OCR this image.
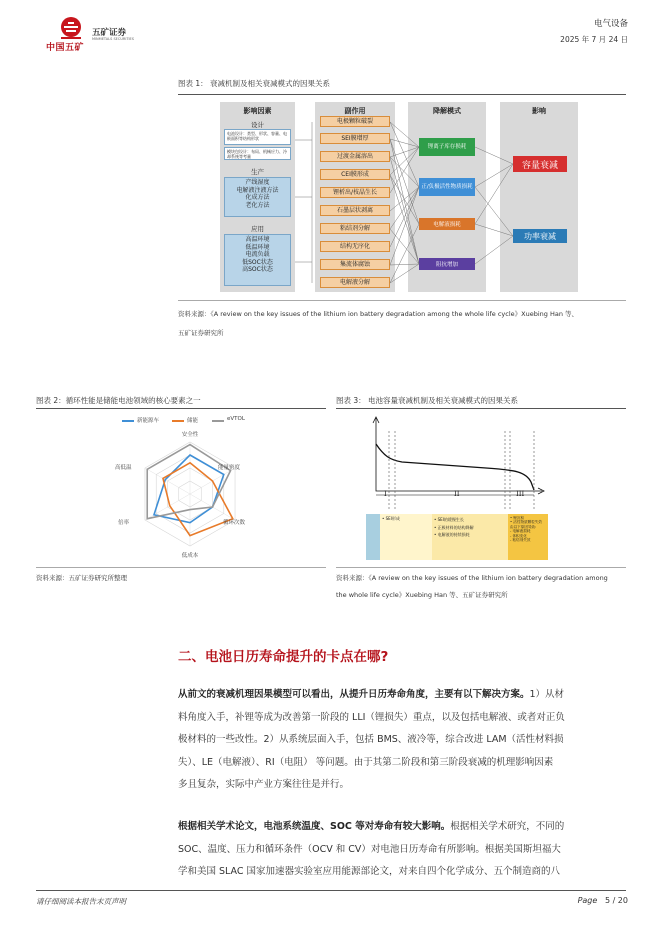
中国五矿
五矿证券
MINMETALS SECURITIES
电气设备
2025 年 7 月 24 日
图表 1： 衰减机制及相关衰减模式的因果关系
影响因素	副作用	降解模式	影响
设计
电池设计：类型、形状、容量、电极面积等结构形状
模块包设计：布局、机械应力、冷却系统等考量
生产
产线湿度
电解液注液方法
化成方法
老化方法
应用
高温环境
低温环境
电流负载
低SOC状态
高SOC状态
电极颗粒破裂
SEI膜增厚
过渡金属溶出
CEI膜形成
锂析出/枝晶生长
石墨层状剥离
粘结剂分解
结构无序化
集流体腐蚀
电解液分解
锂离子库存损耗
正/负极活性物质损耗
电解液损耗
阻抗增加
容量衰减
功率衰减
资料来源：《A review on the key issues of the lithium ion battery degradation among the whole life cycle》Xuebing Han 等、
五矿证券研究所
图表 2：循环性能是储能电池领域的核心要素之一
新能源车	储能	eVTOL
安全性
能量密度
循环次数
低成本
倍率
高低温
资料来源：五矿证券研究所整理
图表 3： 电池容量衰减机制及相关衰减模式的因果关系
I	II	III
• SEI形成	• SEI的缓慢生长
• 正极材料的结构降解
• 电解液的持续损耗
• 锂沉积
• 活性物质颗粒失效
由以下原因导致:
- 电解液损耗
- 体积变化
- 粘结剂失效
资料来源：《A review on the key issues of the lithium ion battery degradation among
the whole life cycle》Xuebing Han 等、五矿证券研究所
二、电池日历寿命提升的卡点在哪?
从前文的衰减机理因果模型可以看出，从提升日历寿命角度，主要有以下解决方案。1）从材
料角度入手，补锂等成为改善第一阶段的 LLI（锂损失）重点，以及包括电解液、或者对正负
极材料的一些改性。2）从系统层面入手，包括 BMS、液冷等，综合改进 LAM（活性材料损
失）、LE（电解液）、RI（电阻） 等问题。由于其第二阶段和第三阶段衰减的机理影响因素
多且复杂，实际中产业方案往往是并行。
根据相关学术论文，电池系统温度、SOC 等对寿命有较大影响。根据相关学术研究，不同的
SOC、温度、压力和循环条件（OCV 和 CV）对电池日历寿命有所影响。根据美国斯坦福大
学和美国 SLAC 国家加速器实验室应用能源部论文，对来自四个化学成分、五个制造商的八
请仔细阅读本报告末页声明	Page 5 / 20
